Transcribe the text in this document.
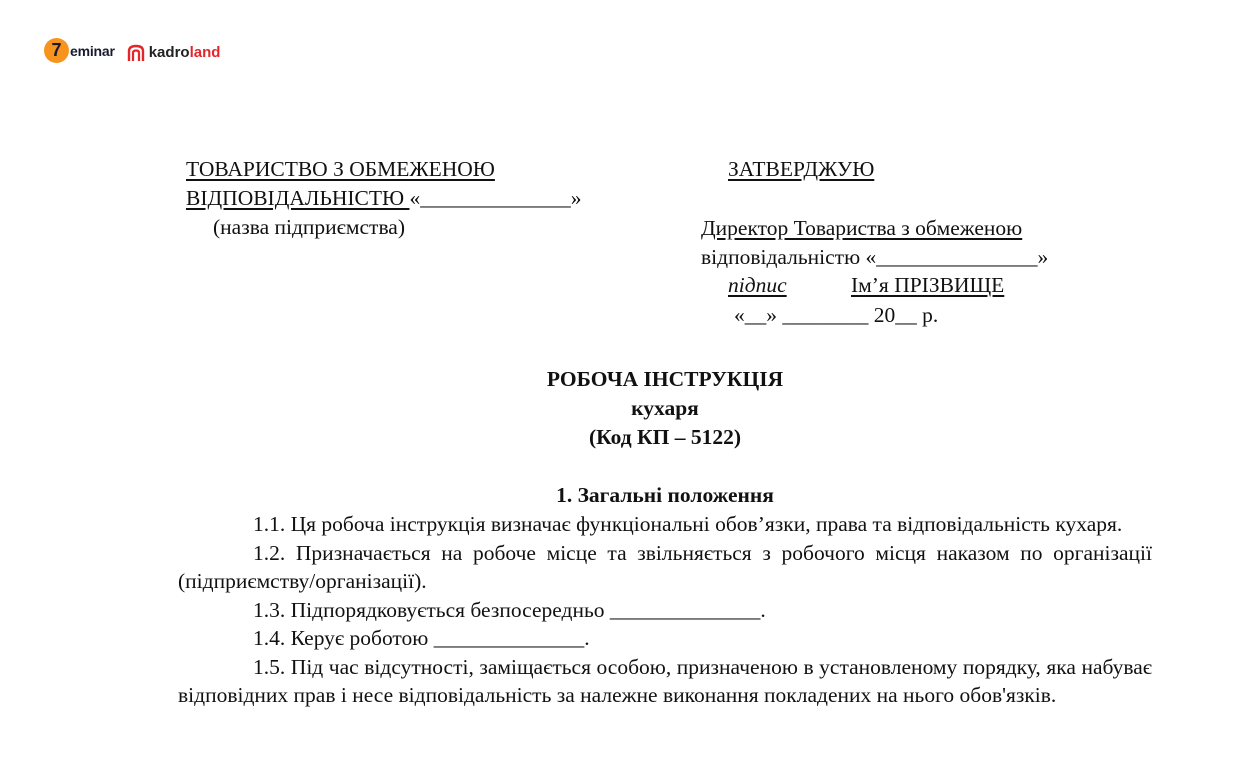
7 eminar kadro land
ТОВАРИСТВО З ОБМЕЖЕНОЮ
ВІДПОВІДАЛЬНІСТЮ «______________»
(назва підприємства)
ЗАТВЕРДЖУЮ
Директор Товариства з обмеженою
відповідальністю «_______________»
підпис	Ім’я ПРІЗВИЩЕ
«__» ________ 20__ р.
РОБОЧА ІНСТРУКЦІЯ
кухаря
(Код КП – 5122)
1. Загальні положення

1.1. Ця робоча інструкція визначає функціональні обов’язки, права та відповідальність кухаря.

1.2. Призначається на робоче місце та звільняється з робочого місця наказом по організації (підприємству/організації).

1.3. Підпорядковується безпосередньо ______________.

1.4. Керує роботою ______________.

1.5. Під час відсутності, заміщається особою, призначеною в установленому порядку, яка набуває відповідних прав і несе відповідальність за належне виконання покладених на нього обов'язків.
